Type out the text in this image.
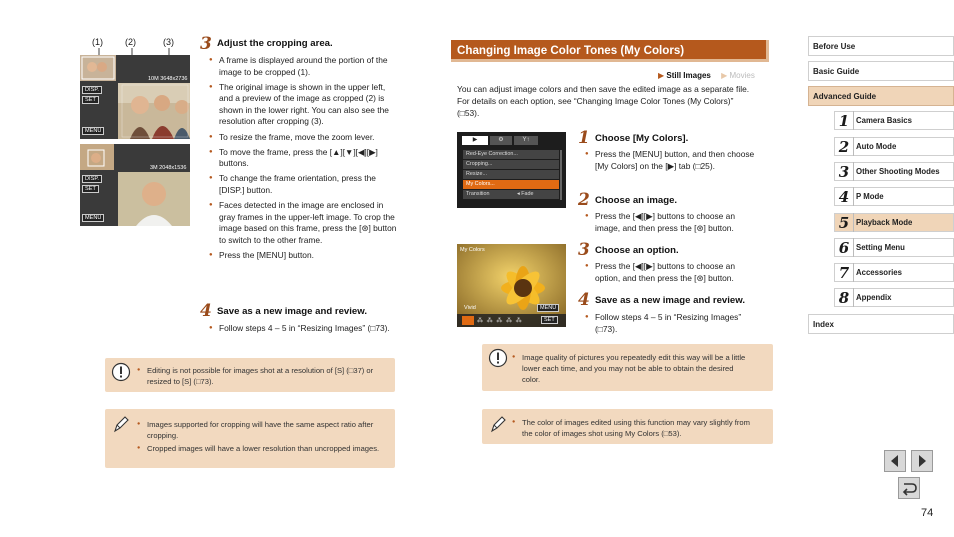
(1) (2)	(3)
10M 3648x2736
DISP.
SET
MENU
3M 2048x1536
DISP.
SET
MENU
3 Adjust the cropping area.
● A frame is displayed around the portion of the image to be cropped (1).
● The original image is shown in the upper left, and a preview of the image as cropped (2) is shown in the lower right. You can also see the resolution after cropping (3).
● To resize the frame, move the zoom lever.
● To move the frame, press the [▲][▼][◀][▶] buttons.
● To change the frame orientation, press the [DISP.] button.
● Faces detected in the image are enclosed in gray frames in the upper-left image. To crop the image based on this frame, press the [⊛] button to switch to the other frame.
● Press the [MENU] button.
4 Save as a new image and review.
● Follow steps 4 – 5 in “Resizing Images” (□73).
● Editing is not possible for images shot at a resolution of [S] (□37) or resized to [S] (□73).
● Images supported for cropping will have the same aspect ratio after cropping.
● Cropped images will have a lower resolution than uncropped images.
Changing Image Color Tones (My Colors)
▶ Still Images ▶ Movies

You can adjust image colors and then save the edited image as a separate file. For details on each option, see “Changing Image Color Tones (My Colors)” (□53).

▶	⚙	Y↑
Red-Eye Correction...
Cropping...
Resize...
My Colors...
Transition	◂ Fade
My Colors
Vivid	MENU
⁂ ⁂ ⁂ ⁂ ⁂	SET
1 Choose [My Colors].
● Press the [MENU] button, and then choose [My Colors] on the [▶] tab (□25).
2 Choose an image.
● Press the [◀][▶] buttons to choose an image, and then press the [⊛] button.
3 Choose an option.
● Press the [◀][▶] buttons to choose an option, and then press the [⊛] button.
4 Save as a new image and review.
● Follow steps 4 – 5 in “Resizing Images” (□73).
● Image quality of pictures you repeatedly edit this way will be a little lower each time, and you may not be able to obtain the desired color.
● The color of images edited using this function may vary slightly from the color of images shot using My Colors (□53).
Before Use
Basic Guide
Advanced Guide
1 Camera Basics
2 Auto Mode
3 Other Shooting Modes
4 P Mode
5 Playback Mode
6 Setting Menu
7 Accessories
8 Appendix
Index
74
